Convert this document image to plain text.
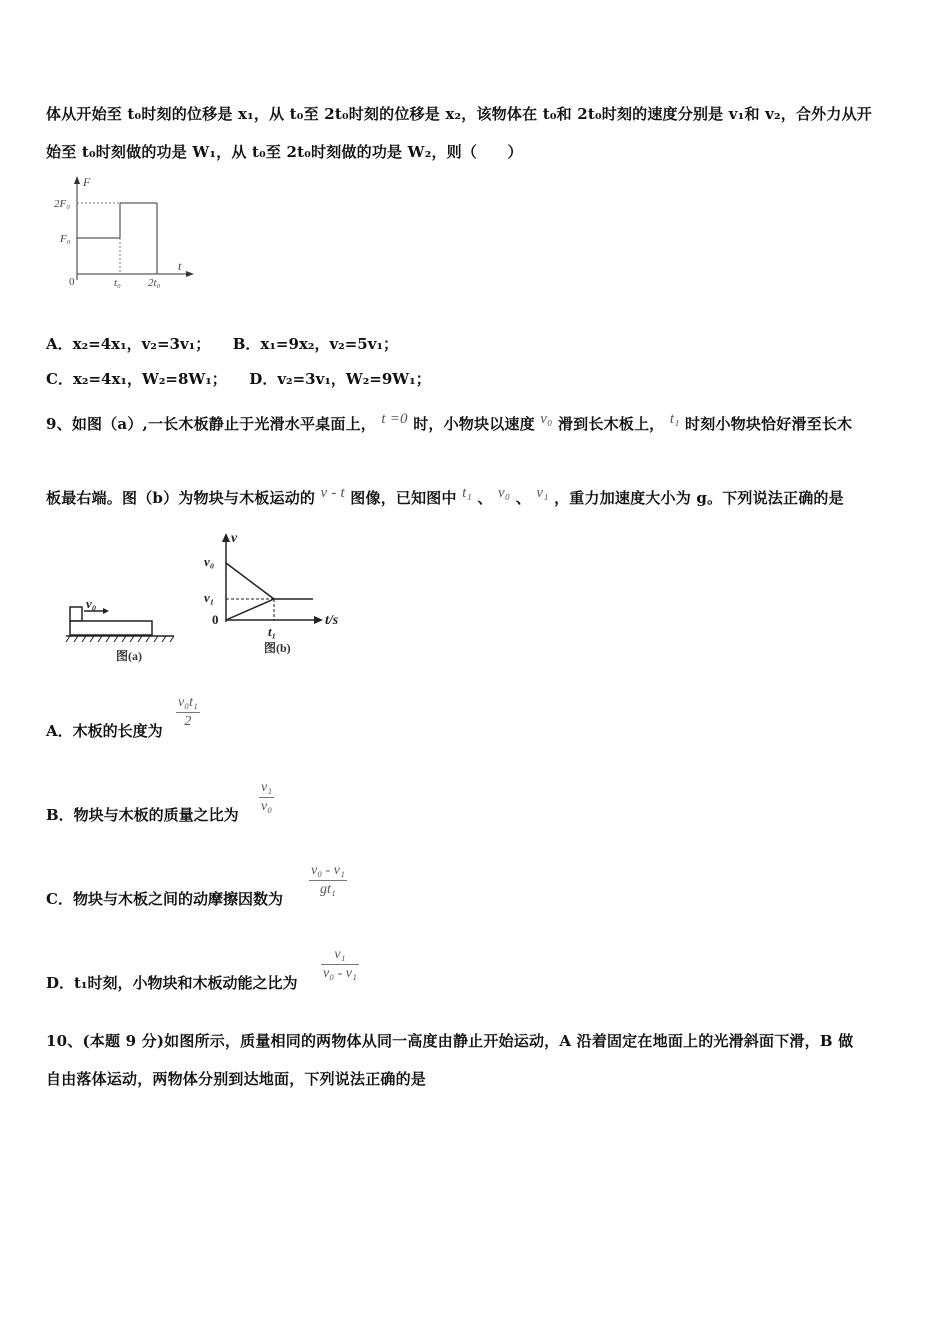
体从开始至 t₀时刻的位移是 x₁，从 t₀至 2t₀时刻的位移是 x₂，该物体在 t₀和 2t₀时刻的速度分别是 v₁和 v₂，合外力从开
始至 t₀时刻做的功是 W₁，从 t₀至 2t₀时刻做的功是 W₂，则（　　）
F
t
0
2F₀
F₀
t₀ 2t₀
A．x₂=4x₁，v₂=3v₁；　　B．x₁=9x₂，v₂=5v₁；
C．x₂=4x₁，W₂=8W₁；　　D．v₂=3v₁，W₂=9W₁；
9、如图（a）,一长木板静止于光滑水平桌面上， t =0 时，小物块以速度 v₀ 滑到长木板上， t₁ 时刻小物块恰好滑至长木
板最右端。图（b）为物块与木板运动的 v - t 图像，已知图中 t₁ 、 v₀ 、 v₁ ，重力加速度大小为 g。下列说法正确的是
v₀
图(a)
v
t/s
0
v₀
v₁
t₁
图(b)
A．木板的长度为
v₀t₁
2
B．物块与木板的质量之比为
v₁
v₀
C．物块与木板之间的动摩擦因数为
v₀ - v₁
gt₁
D．t₁时刻，小物块和木板动能之比为
v₁
v₀ - v₁
10、(本题 9 分)如图所示，质量相同的两物体从同一高度由静止开始运动，A 沿着固定在地面上的光滑斜面下滑，B 做
自由落体运动，两物体分别到达地面，下列说法正确的是
